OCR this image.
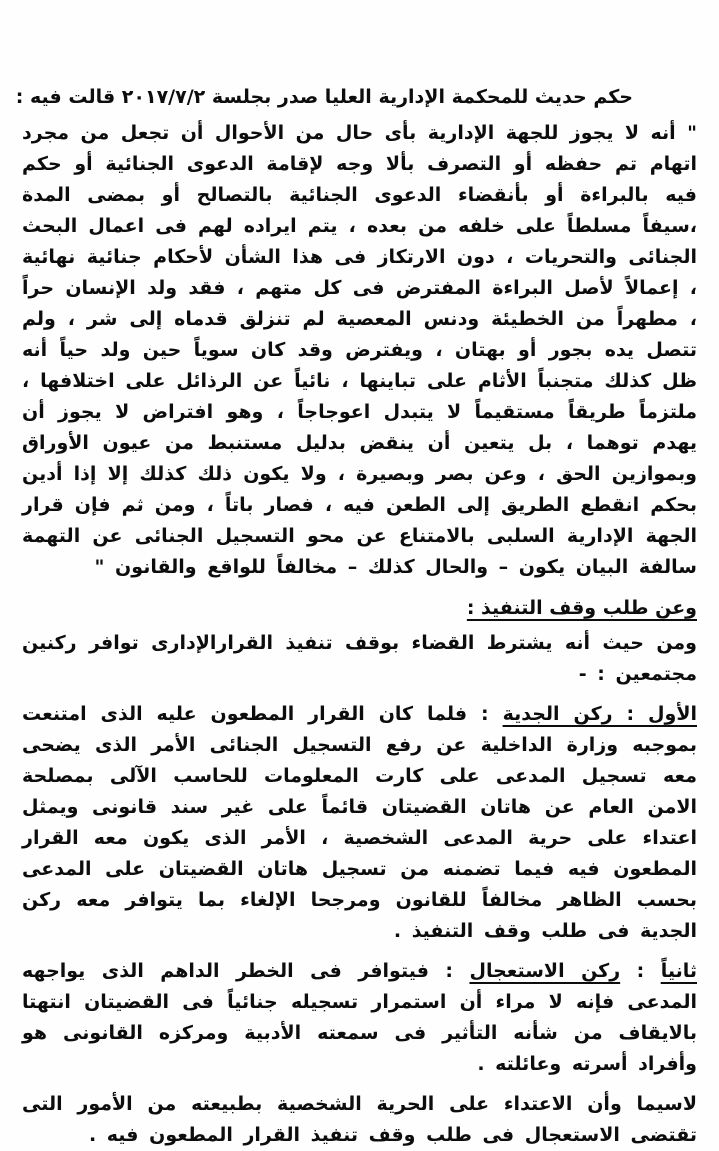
حكم حديث للمحكمة الإدارية العليا صدر بجلسة ٢٠١٧/٧/٢ قالت فيه :

" أنه لا يجوز للجهة الإدارية بأى حال من الأحوال أن تجعل من مجرد اتهام تم حفظه أو التصرف بألا وجه لإقامة الدعوى الجنائية أو حكم فيه بالبراءة أو بأنقضاء الدعوى الجنائية بالتصالح أو بمضى المدة ،سيفاً مسلطاً على خلفه من بعده ، يتم ايراده لهم فى اعمال البحث الجنائى والتحريات ، دون الارتكاز فى هذا الشأن لأحكام جنائية نهائية ، إعمالاً لأصل البراءة المفترض فى كل متهم ، فقد ولد الإنسان حراً ، مطهراً من الخطيئة ودنس المعصية لم تنزلق قدماه إلى شر ، ولم تتصل يده بجور أو بهتان ، ويفترض وقد كان سوياً حين ولد حياً أنه ظل كذلك متجنباً الأثام على تباينها ، نائياً عن الرذائل على اختلافها ، ملتزماً طريقاً مستقيماً لا يتبدل اعوجاجاً ، وهو افتراض لا يجوز أن يهدم توهما ، بل يتعين أن ينقض بدليل مستنبط من عيون الأوراق وبموازين الحق ، وعن بصر وبصيرة ، ولا يكون ذلك كذلك إلا إذا أدين بحكم انقطع الطريق إلى الطعن فيه ، فصار باتاً ، ومن ثم فإن قرار الجهة الإدارية السلبى بالامتناع عن محو التسجيل الجنائى عن التهمة سالفة البيان يكون – والحال كذلك – مخالفاً للواقع والقانون "

وعن طلب وقف التنفيذ :

ومن حيث أنه يشترط القضاء بوقف تنفيذ القرارالإدارى توافر ركنين مجتمعين : -

الأول : ركن الجدية : فلما كان القرار المطعون عليه الذى امتنعت بموجبه وزارة الداخلية عن رفع التسجيل الجنائى الأمر الذى يضحى معه تسجيل المدعى على كارت المعلومات للحاسب الآلى بمصلحة الامن العام عن هاتان القضيتان قائماً على غير سند قانونى ويمثل اعتداء على حرية المدعى الشخصية ، الأمر الذى يكون معه القرار المطعون فيه فيما تضمنه من تسجيل هاتان القضيتان على المدعى بحسب الظاهر مخالفاً للقانون ومرجحا الإلغاء بما يتوافر معه ركن الجدية فى طلب وقف التنفيذ .

ثانياً : ركن الاستعجال : فيتوافر فى الخطر الداهم الذى يواجهه المدعى فإنه لا مراء أن استمرار تسجيله جنائياً فى القضيتان انتهتا بالايقاف من شأنه التأثير فى سمعته الأدبية ومركزه القانونى هو وأفراد أسرته وعائلته .

لاسيما وأن الاعتداء على الحرية الشخصية بطبيعته من الأمور التى تقتضى الاستعجال فى طلب وقف تنفيذ القرار المطعون فيه .
